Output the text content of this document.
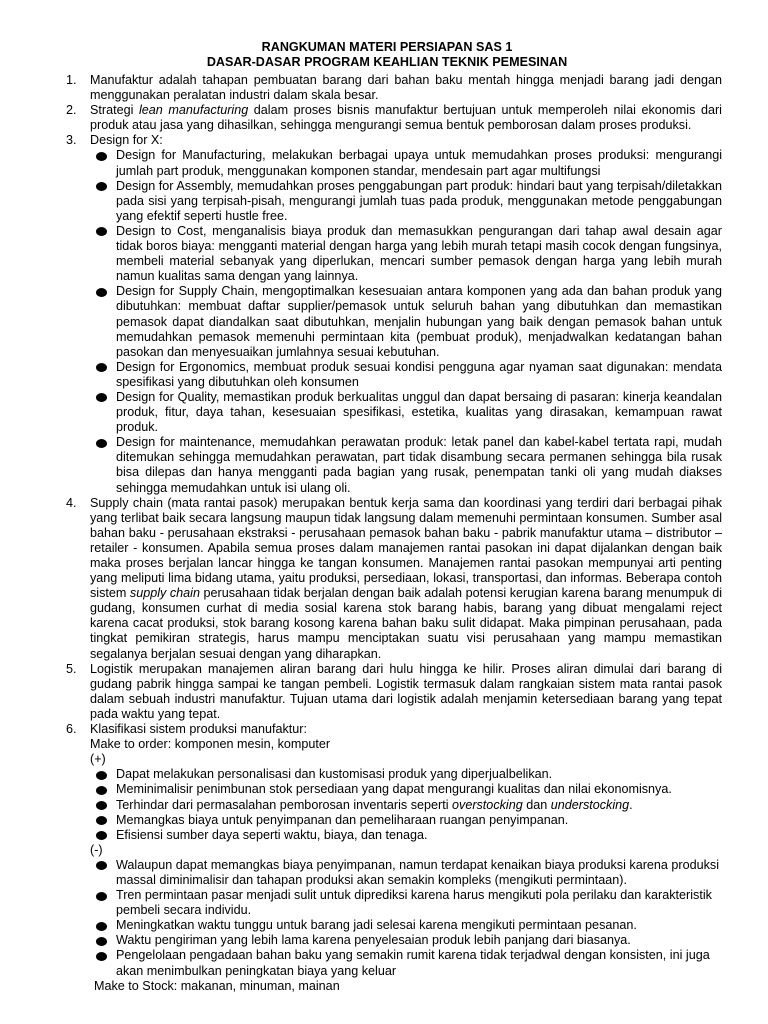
RANGKUMAN MATERI PERSIAPAN SAS 1
DASAR-DASAR PROGRAM KEAHLIAN TEKNIK PEMESINAN
1.	Manufaktur adalah tahapan pembuatan barang dari bahan baku mentah hingga menjadi barang jadi dengan menggunakan peralatan industri dalam skala besar.
2.	Strategi lean manufacturing dalam proses bisnis manufaktur bertujuan untuk memperoleh nilai ekonomis dari produk atau jasa yang dihasilkan, sehingga mengurangi semua bentuk pemborosan dalam proses produksi.
3.	Design for X:
Design for Manufacturing, melakukan berbagai upaya untuk memudahkan proses produksi: mengurangi jumlah part produk, menggunakan komponen standar, mendesain part agar multifungsi
Design for Assembly, memudahkan proses penggabungan part produk: hindari baut yang terpisah/diletakkan pada sisi yang terpisah-pisah, mengurangi jumlah tuas pada produk, menggunakan metode penggabungan yang efektif seperti hustle free.
Design to Cost, menganalisis biaya produk dan memasukkan pengurangan dari tahap awal desain agar tidak boros biaya: mengganti material dengan harga yang lebih murah tetapi masih cocok dengan fungsinya, membeli material sebanyak yang diperlukan, mencari sumber pemasok dengan harga yang lebih murah namun kualitas sama dengan yang lainnya.
Design for Supply Chain, mengoptimalkan kesesuaian antara komponen yang ada dan bahan produk yang dibutuhkan: membuat daftar supplier/pemasok untuk seluruh bahan yang dibutuhkan dan memastikan pemasok dapat diandalkan saat dibutuhkan, menjalin hubungan yang baik dengan pemasok bahan untuk memudahkan pemasok memenuhi permintaan kita (pembuat produk), menjadwalkan kedatangan bahan pasokan dan menyesuaikan jumlahnya sesuai kebutuhan.
Design for Ergonomics, membuat produk sesuai kondisi pengguna agar nyaman saat digunakan: mendata spesifikasi yang dibutuhkan oleh konsumen
Design for Quality, memastikan produk berkualitas unggul dan dapat bersaing di pasaran: kinerja keandalan produk, fitur, daya tahan, kesesuaian spesifikasi, estetika, kualitas yang dirasakan, kemampuan rawat produk.
Design for maintenance, memudahkan perawatan produk: letak panel dan kabel-kabel tertata rapi, mudah ditemukan sehingga memudahkan perawatan, part tidak disambung secara permanen sehingga bila rusak bisa dilepas dan hanya mengganti pada bagian yang rusak, penempatan tanki oli yang mudah diakses sehingga memudahkan untuk isi ulang oli.
4.	Supply chain (mata rantai pasok) merupakan bentuk kerja sama dan koordinasi yang terdiri dari berbagai pihak yang terlibat baik secara langsung maupun tidak langsung dalam memenuhi permintaan konsumen. Sumber asal bahan baku - perusahaan ekstraksi - perusahaan pemasok bahan baku - pabrik manufaktur utama – distributor – retailer - konsumen. Apabila semua proses dalam manajemen rantai pasokan ini dapat dijalankan dengan baik maka proses berjalan lancar hingga ke tangan konsumen. Manajemen rantai pasokan mempunyai arti penting yang meliputi lima bidang utama, yaitu produksi, persediaan, lokasi, transportasi, dan informas. Beberapa contoh sistem supply chain perusahaan tidak berjalan dengan baik adalah potensi kerugian karena barang menumpuk di gudang, konsumen curhat di media sosial karena stok barang habis, barang yang dibuat mengalami reject karena cacat produksi, stok barang kosong karena bahan baku sulit didapat. Maka pimpinan perusahaan, pada tingkat pemikiran strategis, harus mampu menciptakan suatu visi perusahaan yang mampu memastikan segalanya berjalan sesuai dengan yang diharapkan.
5.	Logistik merupakan manajemen aliran barang dari hulu hingga ke hilir. Proses aliran dimulai dari barang di gudang pabrik hingga sampai ke tangan pembeli. Logistik termasuk dalam rangkaian sistem mata rantai pasok dalam sebuah industri manufaktur. Tujuan utama dari logistik adalah menjamin ketersediaan barang yang tepat pada waktu yang tepat.
6.	Klasifikasi sistem produksi manufaktur:
Make to order: komponen mesin, komputer
(+)
Dapat melakukan personalisasi dan kustomisasi produk yang diperjualbelikan.
Meminimalisir penimbunan stok persediaan yang dapat mengurangi kualitas dan nilai ekonomisnya.
Terhindar dari permasalahan pemborosan inventaris seperti overstocking dan understocking.
Memangkas biaya untuk penyimpanan dan pemeliharaan ruangan penyimpanan.
Efisiensi sumber daya seperti waktu, biaya, dan tenaga.
(-)
Walaupun dapat memangkas biaya penyimpanan, namun terdapat kenaikan biaya produksi karena produksi massal diminimalisir dan tahapan produksi akan semakin kompleks (mengikuti permintaan).
Tren permintaan pasar menjadi sulit untuk diprediksi karena harus mengikuti pola perilaku dan karakteristik pembeli secara individu.
Meningkatkan waktu tunggu untuk barang jadi selesai karena mengikuti permintaan pesanan.
Waktu pengiriman yang lebih lama karena penyelesaian produk lebih panjang dari biasanya.
Pengelolaan pengadaan bahan baku yang semakin rumit karena tidak terjadwal dengan konsisten, ini juga akan menimbulkan peningkatan biaya yang keluar
Make to Stock: makanan, minuman, mainan
